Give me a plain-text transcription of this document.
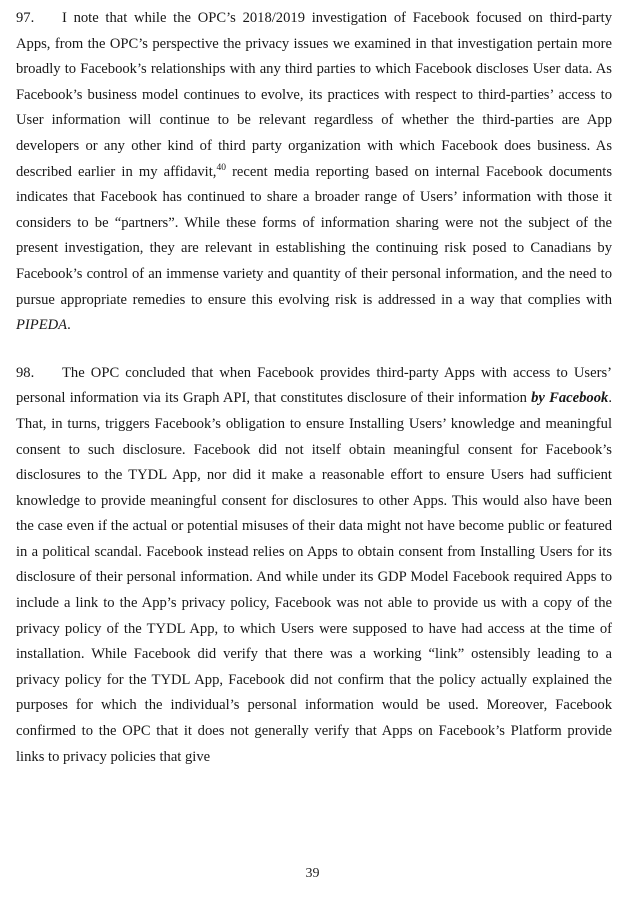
97. I note that while the OPC’s 2018/2019 investigation of Facebook focused on third-party Apps, from the OPC’s perspective the privacy issues we examined in that investigation pertain more broadly to Facebook’s relationships with any third parties to which Facebook discloses User data. As Facebook’s business model continues to evolve, its practices with respect to third-parties’ access to User information will continue to be relevant regardless of whether the third-parties are App developers or any other kind of third party organization with which Facebook does business. As described earlier in my affidavit,$^{40}$ recent media reporting based on internal Facebook documents indicates that Facebook has continued to share a broader range of Users’ information with those it considers to be “partners”. While these forms of information sharing were not the subject of the present investigation, they are relevant in establishing the continuing risk posed to Canadians by Facebook’s control of an immense variety and quantity of their personal information, and the need to pursue appropriate remedies to ensure this evolving risk is addressed in a way that complies with PIPEDA.

98. The OPC concluded that when Facebook provides third-party Apps with access to Users’ personal information via its Graph API, that constitutes disclosure of their information by Facebook. That, in turns, triggers Facebook’s obligation to ensure Installing Users’ knowledge and meaningful consent to such disclosure. Facebook did not itself obtain meaningful consent for Facebook’s disclosures to the TYDL App, nor did it make a reasonable effort to ensure Users had sufficient knowledge to provide meaningful consent for disclosures to other Apps. This would also have been the case even if the actual or potential misuses of their data might not have become public or featured in a political scandal. Facebook instead relies on Apps to obtain consent from Installing Users for its disclosure of their personal information. And while under its GDP Model Facebook required Apps to include a link to the App’s privacy policy, Facebook was not able to provide us with a copy of the privacy policy of the TYDL App, to which Users were supposed to have had access at the time of installation. While Facebook did verify that there was a working “link” ostensibly leading to a privacy policy for the TYDL App, Facebook did not confirm that the policy actually explained the purposes for which the individual’s personal information would be used. Moreover, Facebook confirmed to the OPC that it does not generally verify that Apps on Facebook’s Platform provide links to privacy policies that give

39
